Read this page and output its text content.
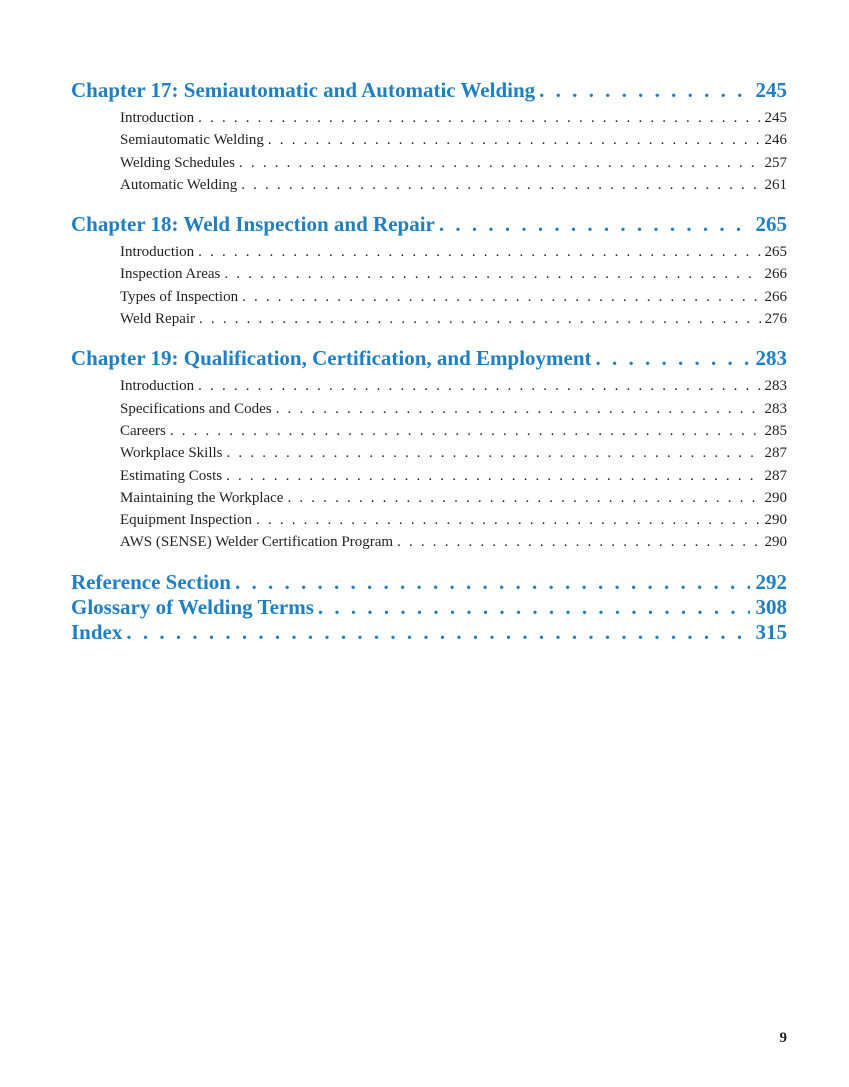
Chapter 17: Semiautomatic and Automatic Welding . . .	245
Introduction . . .	245
Semiautomatic Welding . . .	246
Welding Schedules . . .	257
Automatic Welding . . .	261
Chapter 18: Weld Inspection and Repair . . .	265
Introduction . . .	265
Inspection Areas . . .	266
Types of Inspection . . .	266
Weld Repair . . .	276
Chapter 19: Qualification, Certification, and Employment . . .	283
Introduction . . .	283
Specifications and Codes . . .	283
Careers . . .	285
Workplace Skills . . .	287
Estimating Costs . . .	287
Maintaining the Workplace . . .	290
Equipment Inspection . . .	290
AWS (SENSE) Welder Certification Program . . .	290
Reference Section . . .	292
Glossary of Welding Terms . . .	308
Index . . .	315
9
